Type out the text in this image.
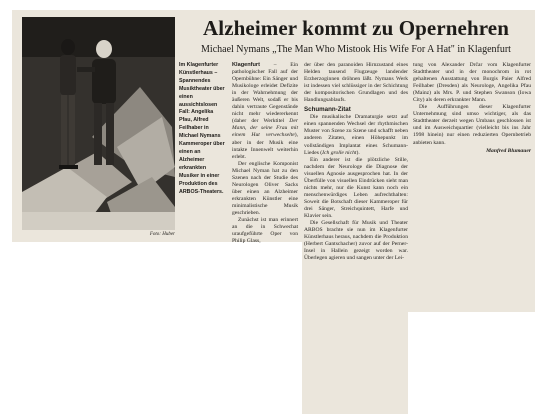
Alzheimer kommt zu Opernehren

Michael Nymans „The Man Who Mistook His Wife For A Hat" in Klagenfurt

Foto: Huber

Im Klagenfurter Künstlerhaus – Spannendes Musiktheater über einen aussichtslosen Fall: Angelika Pfau, Alfred Feilhaber in Michael Nymans Kammeroper über einen an Alzheimer erkrankten Musiker in einer Produktion des ARBOS-Theaters.

Klagenfurt – Ein pathologischer Fall auf der Opernbühne: Ein Sänger und Musikologe erleidet Defizite in der Wahrnehmung der äußeren Welt, sodaß er bis dahin vertraute Gegenstände nicht mehr wiedererkennt (daher der Werktitel Der Mann, der seine Frau mit einem Hut verwechselte), aber in der Musik eine intakte Innenwelt weiterhin erlebt.

Der englische Komponist Michael Nyman hat zu den Szenen nach der Studie des Neurologen Oliver Sacks über einen an Alzheimer erkrankten Künstler eine minimalistische Musik geschrieben.

Zunächst ist man erinnert an die in Schwechat uraufgeführte Oper von Philip Glass,

der über den paranoiden Hirnzustand eines Helden tausend Flugzeuge landender Erzherzoginnen dröhnen läßt. Nymans Werk ist indessen viel schlüssiger in der Schichtung der kompositorischen Grundlagen und des Handlungsablaufs.

Schumann-Zitat

Die musikalische Dramaturgie setzt auf einen spannenden Wechsel der rhythmischen Muster von Szene zu Szene und schafft neben anderen Zitaten, einen Höhepunkt im vollständigen Implantat eines Schumann-Liedes (Ich grolle nicht).

Ein anderer ist die plötzliche Stille, nachdem der Neurologe die Diagnose der visuellen Agnosie ausgesprochen hat. In der Überfülle von visuellen Eindrücken sieht man nichts mehr, nur die Kunst kann noch ein menschenwürdiges Leben aufrechthalten: Soweit die Botschaft dieser Kammeroper für drei Sänger, Streichquintett, Harfe und Klavier sein.

Die Gesellschaft für Musik und Theater ARBOS brachte sie nun im Klagenfurter Künstlerhaus heraus, nachdem die Produktion (Herbert Gantschacher) zuvor auf der Perner-Insel in Hallein gezeigt worden war. Überlegen agieren und sangen unter der Lei-

tung von Alexander Drčar vom Klagenfurter Stadttheater und in der monochrom in rot gehaltenen Ausstattung von Burgis Paier Alfred Feilhaber (Dresden) als Neurologe, Angelika Pfau (Mainz) als Mrs. P. und Stephen Swanson (Iowa City) als deren erkrankter Mann.

Die Aufführungen dieser Klagenfurter Unternehmung sind umso wichtiger, als das Stadttheater derzeit wegen Umbaus geschlossen ist und im Ausweichquartier (vielleicht bis ins Jahr 1998 hinein) nur einen reduzierten Opernbetrieb anbieten kann.

Manfred Blumauer
